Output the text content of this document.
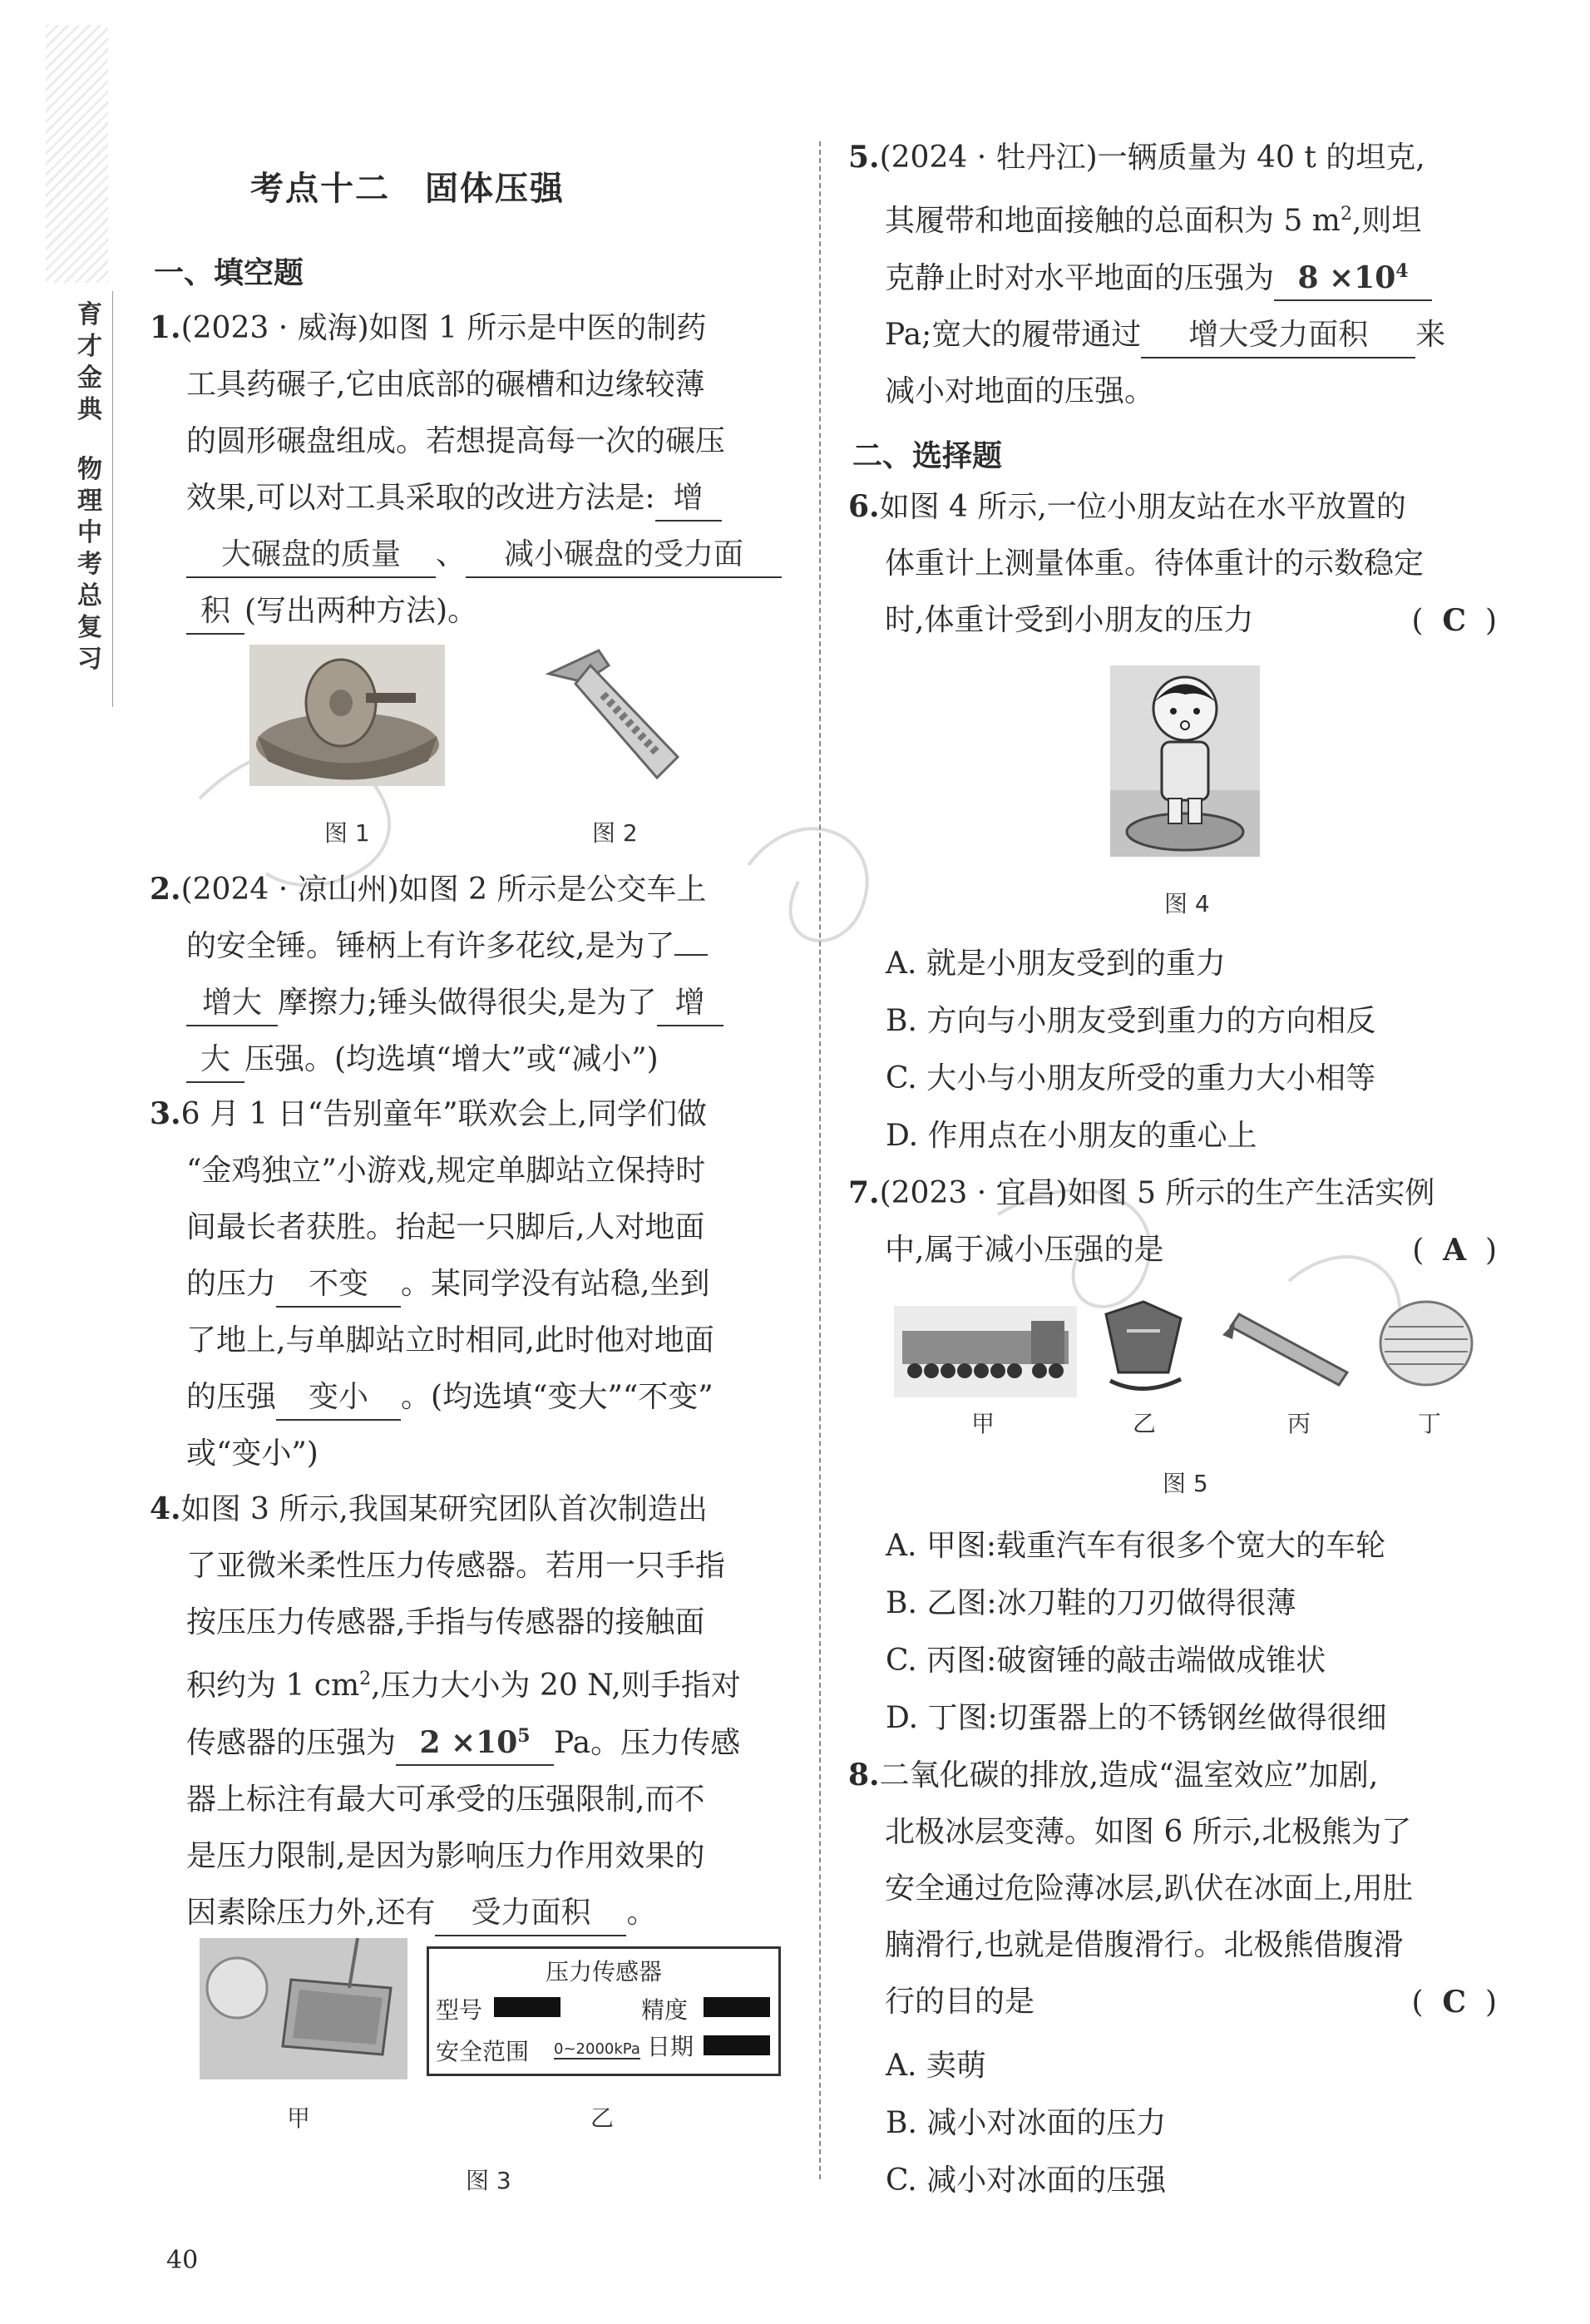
育
才
金
典
物
理
中
考
总
复
习
考点十二　固体压强
一、填空题

1.(2023 · 威海)如图 1 所示是中医的制药

工具药碾子,它由底部的碾槽和边缘较薄

的圆形碾盘组成。若想提高每一次的碾压

效果,可以对工具采取的改进方法是: 增

大碾盘的质量 、 减小碾盘的受力面

积 (写出两种方法)。

图 1	图 2

2.(2024 · 凉山州)如图 2 所示是公交车上

的安全锤。锤柄上有许多花纹,是为了

增大 摩擦力;锤头做得很尖,是为了 增

大 压强。(均选填“增大”或“减小”)

3.6 月 1 日“告别童年”联欢会上,同学们做

“金鸡独立”小游戏,规定单脚站立保持时

间最长者获胜。抬起一只脚后,人对地面

的压力 不变 。某同学没有站稳,坐到

了地上,与单脚站立时相同,此时他对地面

的压强 变小 。(均选填“变大”“不变”

或“变小”)

4.如图 3 所示,我国某研究团队首次制造出

了亚微米柔性压力传感器。若用一只手指

按压压力传感器,手指与传感器的接触面

积约为 1 $cm^2$,压力大小为 20 N,则手指对

传感器的压强为 $2 \times 10^5$ Pa。压力传感

器上标注有最大可承受的压强限制,而不

是压力限制,是因为影响压力作用效果的

因素除压力外,还有 受力面积 。

压力传感器
型号	精度
安全范围 0~2000kPa 日期
甲	乙
图 3
40

5.(2024 · 牡丹江)一辆质量为 40 t 的坦克,

其履带和地面接触的总面积为 5 $m^2$,则坦

克静止时对水平地面的压强为 $8 \times 10^4$

Pa;宽大的履带通过 增大受力面积 来

减小对地面的压强。

二、选择题

6.如图 4 所示,一位小朋友站在水平放置的

体重计上测量体重。待体重计的示数稳定

时,体重计受到小朋友的压力	( C )

图 4
A. 就是小朋友受到的重力
B. 方向与小朋友受到重力的方向相反
C. 大小与小朋友所受的重力大小相等
D. 作用点在小朋友的重心上

7.(2023 · 宜昌)如图 5 所示的生产生活实例

中,属于减小压强的是	( A )

甲	乙	丙	丁
图 5
A. 甲图:载重汽车有很多个宽大的车轮
B. 乙图:冰刀鞋的刀刃做得很薄
C. 丙图:破窗锤的敲击端做成锥状
D. 丁图:切蛋器上的不锈钢丝做得很细

8.二氧化碳的排放,造成“温室效应”加剧,

北极冰层变薄。如图 6 所示,北极熊为了

安全通过危险薄冰层,趴伏在冰面上,用肚

腩滑行,也就是借腹滑行。北极熊借腹滑

行的目的是	( C )

A. 卖萌
B. 减小对冰面的压力
C. 减小对冰面的压强
